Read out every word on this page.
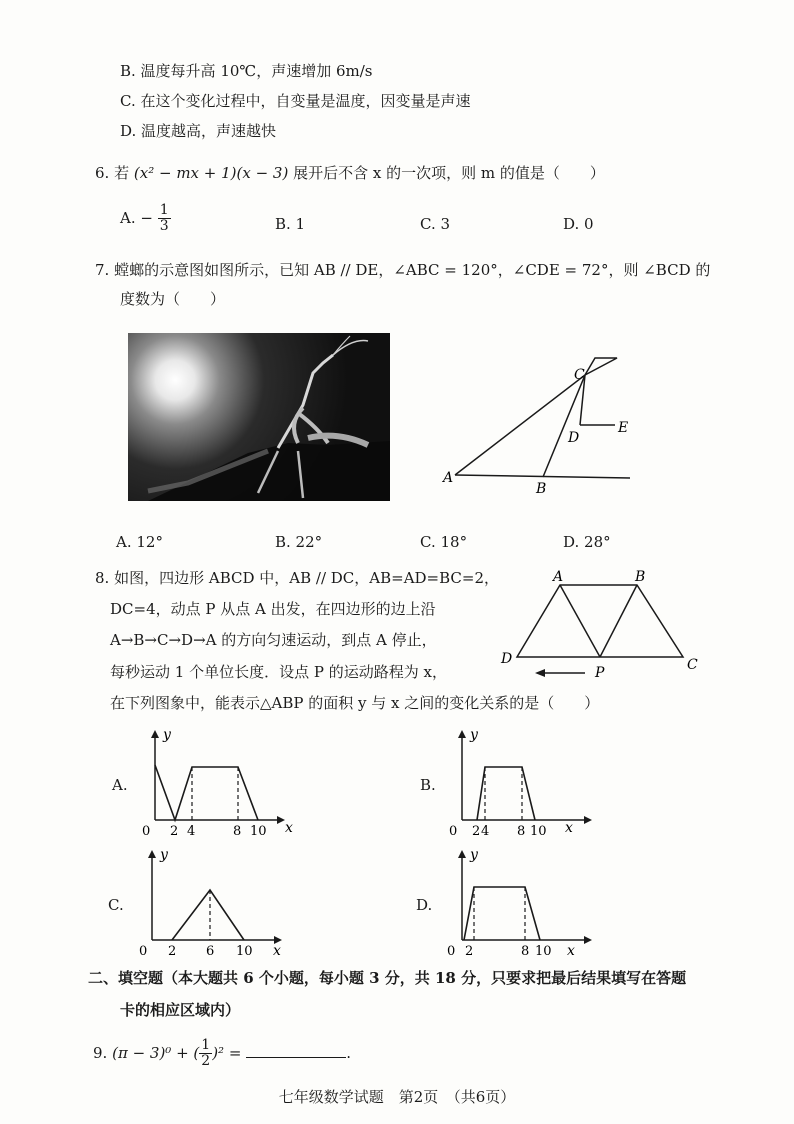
B. 温度每升高 10℃，声速增加 6m/s
C. 在这个变化过程中，自变量是温度，因变量是声速
D. 温度越高，声速越快
6. 若 (x² − mx + 1)(x − 3) 展开后不含 x 的一次项，则 m 的值是（　　）
A. − $\frac{1}{3}$	B. 1	C. 3	D. 0
7. 螳螂的示意图如图所示，已知 AB // DE，∠ABC = 120°，∠CDE = 72°，则 ∠BCD 的
度数为（　　）
A
B
C
D
E
A. 12°	B. 22°	C. 18°	D. 28°
8. 如图，四边形 ABCD 中，AB // DC，AB=AD=BC=2，
DC=4，动点 P 从点 A 出发，在四边形的边上沿
A→B→C→D→A 的方向匀速运动，到点 A 停止，
每秒运动 1 个单位长度．设点 P 的运动路程为 x，
在下列图象中，能表示△ABP 的面积 y 与 x 之间的变化关系的是（　　）
A	B
C
D
P
A.
y
x
0 2 4	8 10
B.
y
x
0 2 4 8 10
C.
y
x
0 2 6 10
D.
y
x
0 2	8 10
二、填空题（本大题共 6 个小题，每小题 3 分，共 18 分，只要求把最后结果填写在答题
卡的相应区域内）
9. (π − 3)⁰ + ( $\frac{1}{2} )^2$ =	.
七年级数学试题　第2页　（共6页）
